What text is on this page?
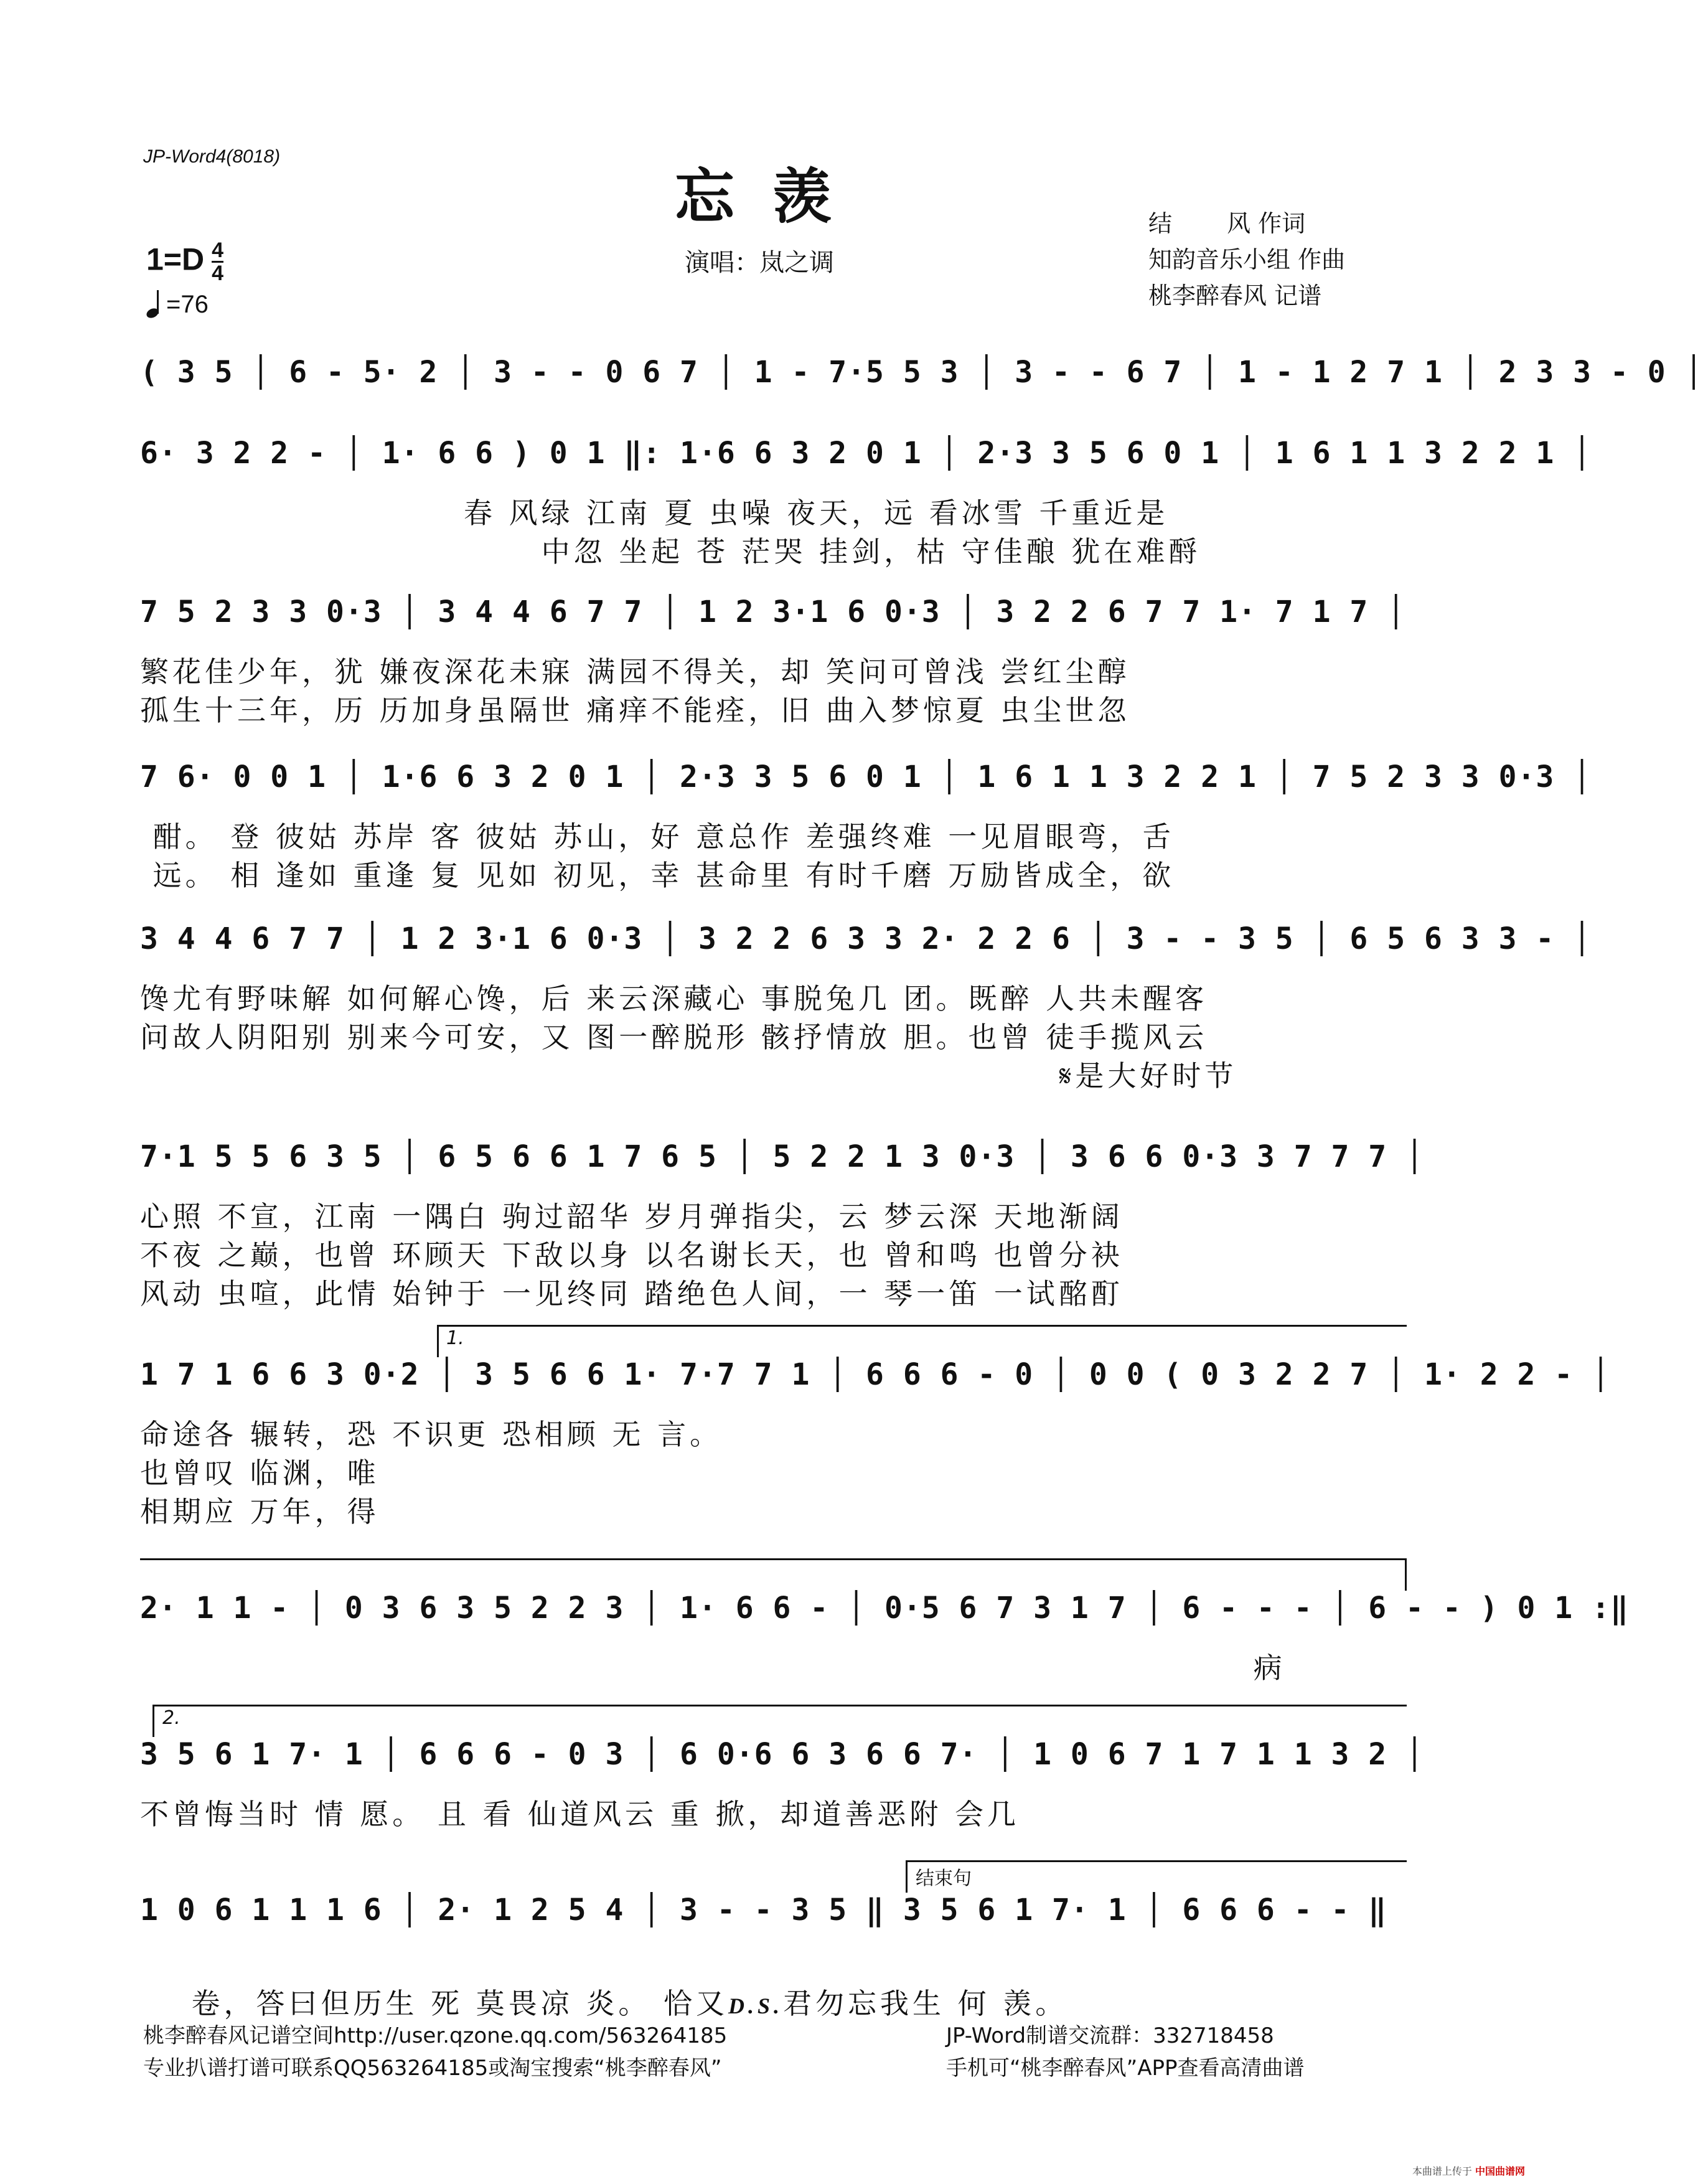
JP-Word4(8018)
忘羡
$1=D \frac{4}{4}$
=76
演唱：岚之调
结　　 风 作词
知韵音乐小组 作曲
桃李醉春风 记谱
( 3 5 │ 6 - 5· 2 │ 3 - - 0 6 7 │ 1 - 7·5 5 3 │ 3 - - 6 7 │ 1 - 1 2 7 1 │ 2 3 3 - 0 │
6· 3 2 2 - │ 1· 6 6 ) 0 1 ‖: 1·6 6 3 2 0 1 │ 2·3 3 5 6 0 1 │ 1 6 1 1 3 2 2 1 │
　　　　　　　　　　春 风绿 江南 夏 虫噪 夜天，远 看冰雪 千重近是
　　　　　　　　　　　　 中忽 坐起 苍 茫哭 挂剑，枯 守佳酿 犹在难酹
7 5 2 3 3 0·3 │ 3 4 4 6 7 7 │ 1 2 3·1 6 0·3 │ 3 2 2 6 7 7 1· 7 1 7 │
繁花佳少年，犹 嫌夜深花未寐 满园不得关，却 笑问可曾浅 尝红尘醇
孤生十三年，历 历加身虽隔世 痛痒不能痊，旧 曲入梦惊夏 虫尘世忽
7 6· 0 0 1 │ 1·6 6 3 2 0 1 │ 2·3 3 5 6 0 1 │ 1 6 1 1 3 2 2 1 │ 7 5 2 3 3 0·3 │
酣。 登 彼姑 苏岸 客 彼姑 苏山，好 意总作 差强终难 一见眉眼弯，舌
远。 相 逢如 重逢 复 见如 初见，幸 甚命里 有时千磨 万励皆成全，欲
3 4 4 6 7 7 │ 1 2 3·1 6 0·3 │ 3 2 2 6 3 3 2· 2 2 6 │ 3 - - 3 5 │ 6 5 6 3 3 - │
馋尤有野味解 如何解心馋，后 来云深藏心 事脱兔几 团。既醉 人共未醒客
问故人阴阳别 别来今可安，又 图一醉脱形 骸抒情放 胆。也曾 徒手揽风云
　　　　　　　　　　　　　　　　　　　　　　　　　　　　 𝄋是大好时节
7·1 5 5 6 3 5 │ 6 5 6 6 1 7 6 5 │ 5 2 2 1 3 0·3 │ 3 6 6 0·3 3 7 7 7 │
心照 不宣，江南 一隅白 驹过韶华 岁月弹指尖，云 梦云深 天地渐阔
不夜 之巅，也曾 环顾天 下敌以身 以名谢长天，也 曾和鸣 也曾分袂
风动 虫喧，此情 始钟于 一见终同 踏绝色人间，一 琴一笛 一试酩酊
1.
1 7 1 6 6 3 0·2 │ 3 5 6 6 1· 7·7 7 1 │ 6 6 6 - 0 │ 0 0 ( 0 3 2 2 7 │ 1· 2 2 - │
命途各 辗转，恐 不识更 恐相顾 无 言。
也曾叹 临渊，唯
相期应 万年，得
2· 1 1 - │ 0 3 6 3 5 2 2 3 │ 1· 6 6 - │ 0·5 6 7 3 1 7 │ 6 - - - │ 6 - - ) 0 1 :‖
　　　　　　　　　　　　　　　　　　　　　　　　　　　　　　　　　　 病
2.
3 5 6 1 7· 1 │ 6 6 6 - 0 3 │ 6 0·6 6 3 6 6 7· │ 1 0 6 7 1 7 1 1 3 2 │
不曾悔当时 情 愿。 且 看 仙道风云 重 掀，却道善恶附 会几
结束句
1 0 6 1 1 1 6 │ 2· 1 2 5 4 │ 3 - - 3 5 ‖ 3 5 6 1 7· 1 │ 6 6 6 - - ‖

卷，答曰但历生 死 莫畏凉 炎。 恰又D.S.君勿忘我生 何 羡。

桃李醉春风记谱空间http://user.qzone.qq.com/563264185
专业扒谱打谱可联系QQ563264185或淘宝搜索“桃李醉春风”
JP-Word制谱交流群：332718458
手机可“桃李醉春风”APP查看高清曲谱
本曲谱上传于 中国曲谱网
